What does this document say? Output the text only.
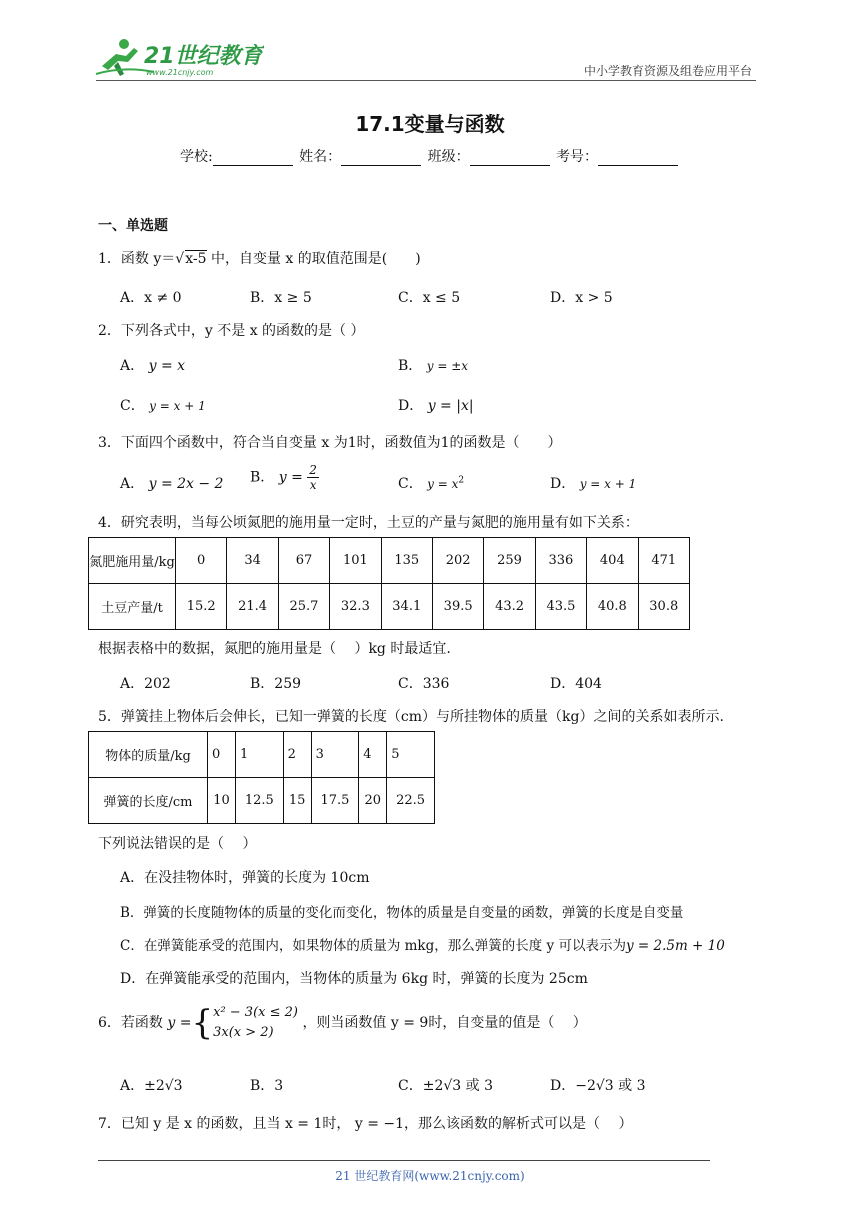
21世纪教育
www.21cnjy.com	中小学教育资源及组卷应用平台
17.1变量与函数
学校:	姓名：	班级：	考号：
一、单选题
1．函数 y＝√x-5 中，自变量 x 的取值范围是(　　)
A．x ≠ 0	B．x ≥ 5	C．x ≤ 5	D．x > 5
2．下列各式中，y 不是 x 的函数的是（ ）
A． y = x	B． y = ±x
C． y = x + 1	D． y = |x|
3．下面四个函数中，符合当自变量 x 为1时，函数值为1的函数是（　　）
A． y = 2x − 2 B． $y = \frac{2}{x}$	C． $y = x^2$	D． y = x + 1
4．研究表明，当每公顷氮肥的施用量一定时，土豆的产量与氮肥的施用量有如下关系：
氮肥施用量/kg	0	34	67	101	135	202	259	336	404	471
土豆产量/t	15.2	21.4	25.7	32.3	34.1	39.5	43.2	43.5	40.8	30.8
根据表格中的数据，氮肥的施用量是（　 ）kg 时最适宜.
A．202	B．259	C．336	D．404
5．弹簧挂上物体后会伸长，已知一弹簧的长度（cm）与所挂物体的质量（kg）之间的关系如表所示.
物体的质量/kg	0	1	2	3	4	5
弹簧的长度/cm	10	12.5	15	17.5	20	22.5
下列说法错误的是（　 ）
A．在没挂物体时，弹簧的长度为 10cm
B．弹簧的长度随物体的质量的变化而变化，物体的质量是自变量的函数，弹簧的长度是自变量
C．在弹簧能承受的范围内，如果物体的质量为 mkg，那么弹簧的长度 y 可以表示为y = 2.5m + 10
D．在弹簧能承受的范围内，当物体的质量为 6kg 时，弹簧的长度为 25cm
6．若函数 y ={ x² − 3(x ≤ 2)
3x(x > 2)
，则当函数值 y = 9时，自变量的值是（　 ）
A．±2√3	B．3	C．±2√3 或 3	D．−2√3 或 3
7．已知 y 是 x 的函数，且当 x = 1时， y = −1，那么该函数的解析式可以是（　 ）
21 世纪教育网(www.21cnjy.com)
